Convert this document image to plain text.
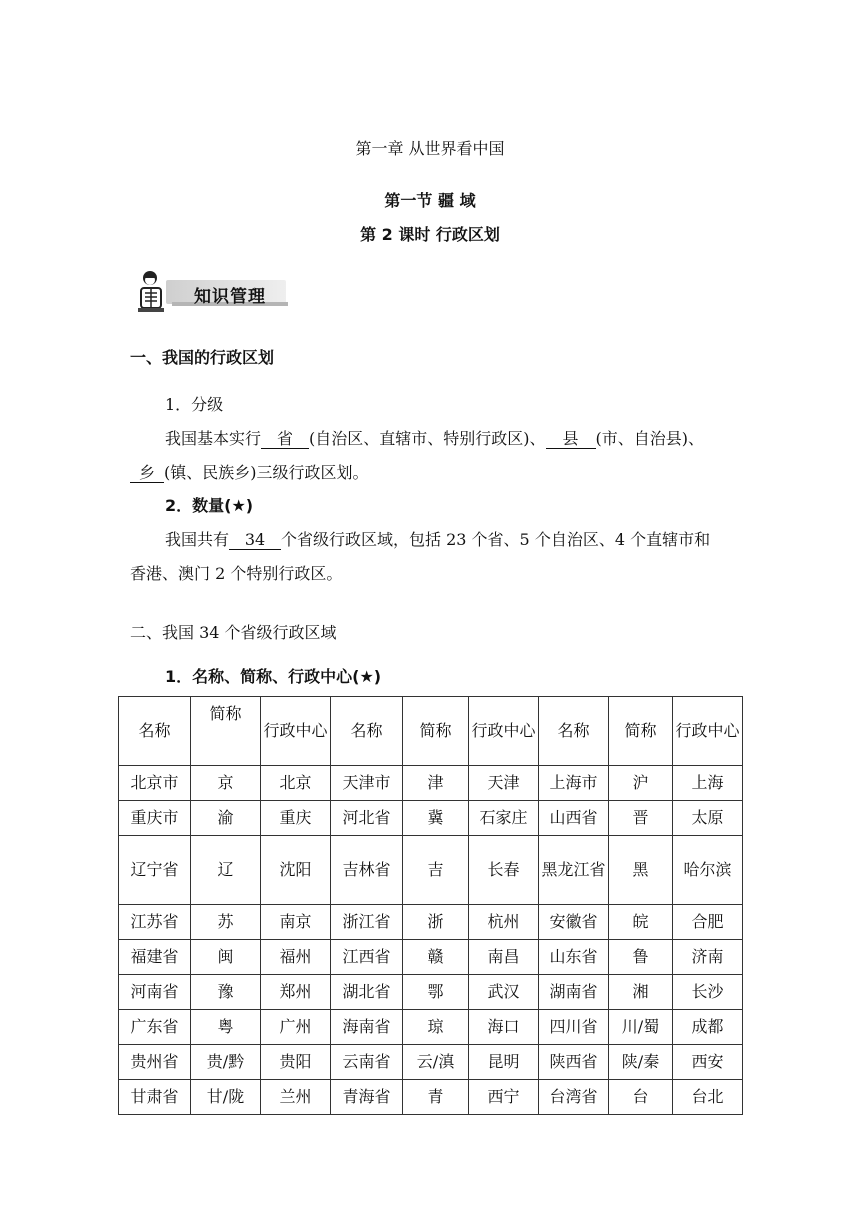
第一章 从世界看中国
第一节 疆 域
第 2 课时 行政区划
知识管理
一、我国的行政区划
1．分级
我国基本实行 省 (自治区、直辖市、特别行政区)、 县 (市、自治县)、
乡 (镇、民族乡)三级行政区划。
2．数量(★)
我国共有 34 个省级行政区域，包括 23 个省、5 个自治区、4 个直辖市和
香港、澳门 2 个特别行政区。
二、我国 34 个省级行政区域
1．名称、简称、行政中心(★)
名称	简称	行政中心	名称	简称	行政中心	名称	简称	行政中心
北京市	京	北京	天津市	津	天津	上海市	沪	上海
重庆市	渝	重庆	河北省	冀	石家庄	山西省	晋	太原
辽宁省	辽	沈阳	吉林省	吉	长春	黑龙江省	黑	哈尔滨
江苏省	苏	南京	浙江省	浙	杭州	安徽省	皖	合肥
福建省	闽	福州	江西省	赣	南昌	山东省	鲁	济南
河南省	豫	郑州	湖北省	鄂	武汉	湖南省	湘	长沙
广东省	粤	广州	海南省	琼	海口	四川省	川/蜀	成都
贵州省	贵/黔	贵阳	云南省	云/滇	昆明	陕西省	陕/秦	西安
甘肃省	甘/陇	兰州	青海省	青	西宁	台湾省	台	台北
